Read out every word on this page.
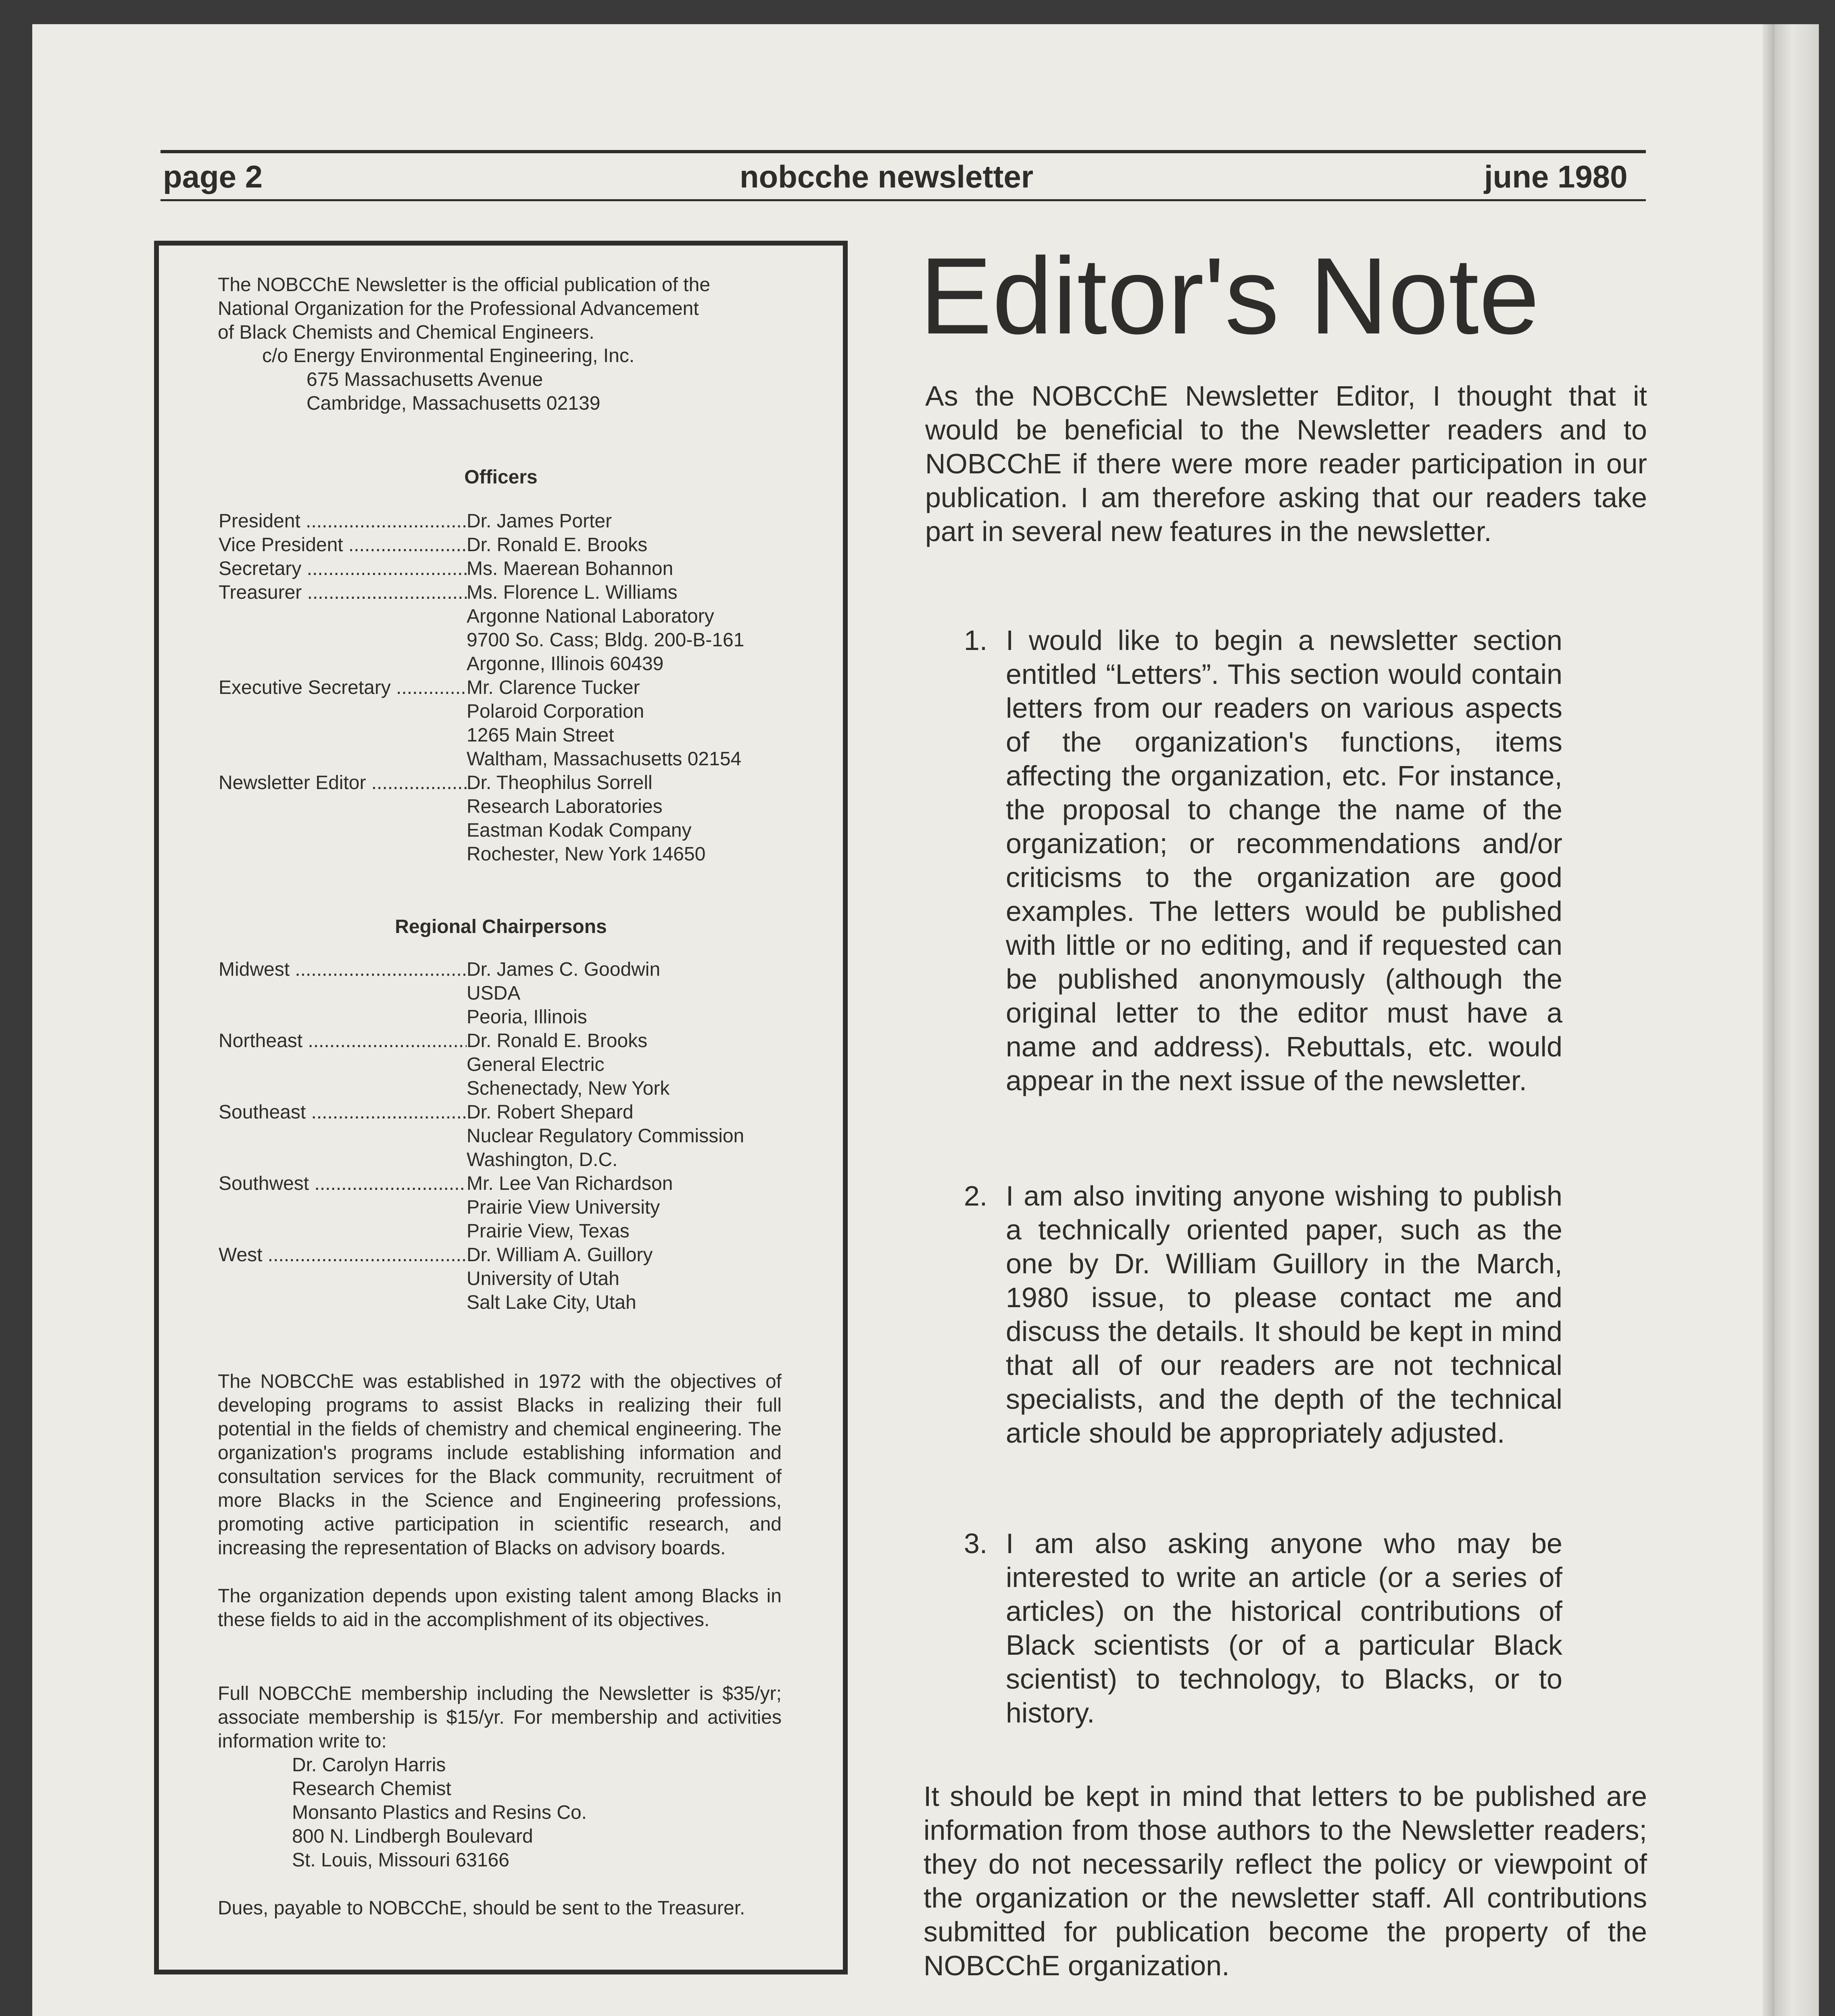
page 2	nobcche newsletter	june 1980
The NOBCChE Newsletter is the official publication of the
National Organization for the Professional Advancement
of Black Chemists and Chemical Engineers.
c/o Energy Environmental Engineering, Inc.
675 Massachusetts Avenue
Cambridge, Massachusetts 02139
Officers
President .....	Dr. James Porter
Vice President .....	Dr. Ronald E. Brooks
Secretary .....	Ms. Maerean Bohannon
Treasurer .....	Ms. Florence L. Williams
Argonne National Laboratory
9700 So. Cass; Bldg. 200-B-161
Argonne, Illinois 60439
Executive Secretary .....	Mr. Clarence Tucker
Polaroid Corporation
1265 Main Street
Waltham, Massachusetts 02154
Newsletter Editor .....	Dr. Theophilus Sorrell
Research Laboratories
Eastman Kodak Company
Rochester, New York 14650
Regional Chairpersons
Midwest .....	Dr. James C. Goodwin
USDA
Peoria, Illinois
Northeast .....	Dr. Ronald E. Brooks
General Electric
Schenectady, New York
Southeast .....	Dr. Robert Shepard
Nuclear Regulatory Commission
Washington, D.C.
Southwest .....	Mr. Lee Van Richardson
Prairie View University
Prairie View, Texas
West .....	Dr. William A. Guillory
University of Utah
Salt Lake City, Utah
The NOBCChE was established in 1972 with the objectives of developing programs to assist Blacks in realizing their full potential in the fields of chemistry and chemical engineering. The organization's programs include establishing information and consultation services for the Black community, recruitment of more Blacks in the Science and Engineering professions, promoting active participation in scientific research, and increasing the representation of Blacks on advisory boards.
The organization depends upon existing talent among Blacks in these fields to aid in the accomplishment of its objectives.
Full NOBCChE membership including the Newsletter is $35/yr; associate membership is $15/yr. For membership and activities information write to:
Dr. Carolyn Harris
Research Chemist
Monsanto Plastics and Resins Co.
800 N. Lindbergh Boulevard
St. Louis, Missouri 63166
Dues, payable to NOBCChE, should be sent to the Treasurer.
Editor's Note
As the NOBCChE Newsletter Editor, I thought that it would be beneficial to the Newsletter readers and to NOBCChE if there were more reader participation in our publication. I am therefore asking that our readers take part in several new features in the newsletter.
1. I would like to begin a newsletter section entitled “Letters”. This section would contain letters from our readers on various aspects of the organization's functions, items affecting the organization, etc. For instance, the proposal to change the name of the organization; or recommendations and/or criticisms to the organization are good examples. The letters would be published with little or no editing, and if requested can be published anonymously (although the original letter to the editor must have a name and address). Rebuttals, etc. would appear in the next issue of the newsletter.
2. I am also inviting anyone wishing to publish a technically oriented paper, such as the one by Dr. William Guillory in the March, 1980 issue, to please contact me and discuss the details. It should be kept in mind that all of our readers are not technical specialists, and the depth of the technical article should be appropriately adjusted.
3. I am also asking anyone who may be interested to write an article (or a series of articles) on the historical contributions of Black scientists (or of a particular Black scientist) to technology, to Blacks, or to history.
It should be kept in mind that letters to be published are information from those authors to the Newsletter readers; they do not necessarily reflect the policy or viewpoint of the organization or the newsletter staff. All contributions submitted for publication become the property of the NOBCChE organization.
